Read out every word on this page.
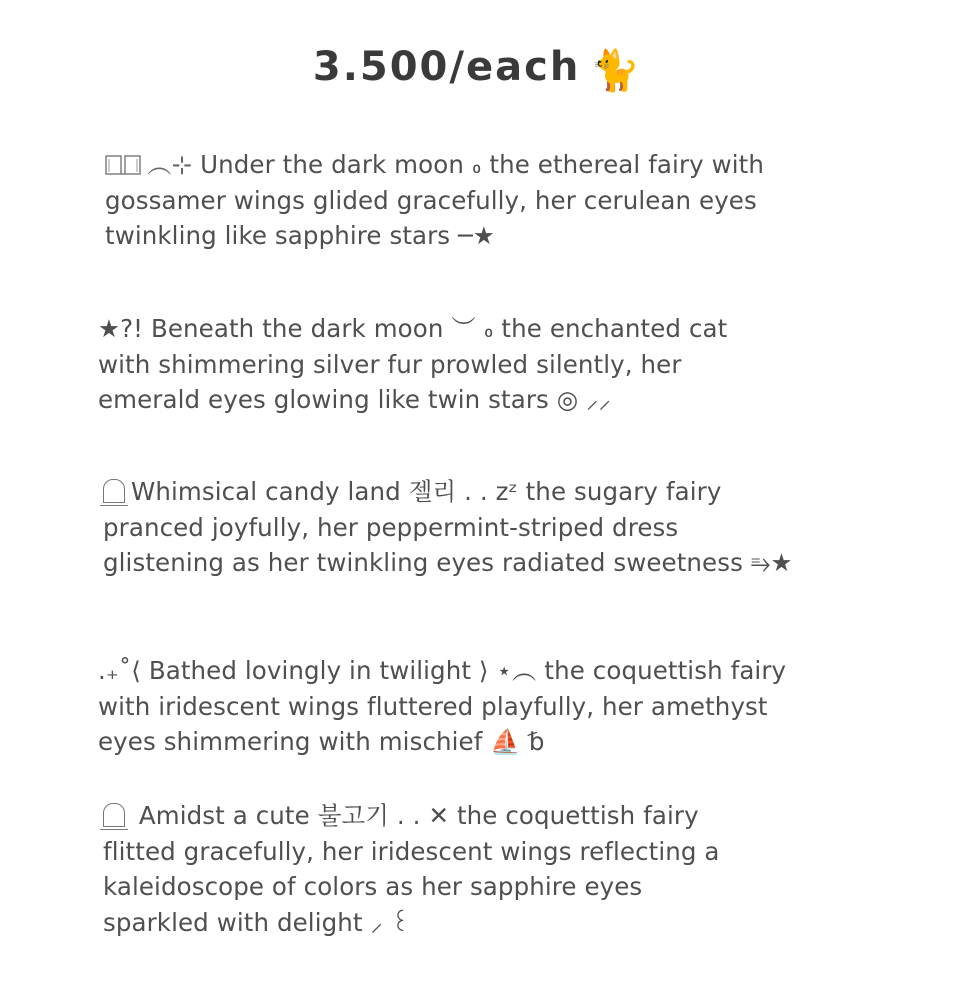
3.500/each 🐈

︵⊹ Under the dark moon ៰ the ethereal fairy with
gossamer wings glided gracefully, her cerulean eyes
twinkling like sapphire stars ─★

★?! Beneath the dark moon ︶ ៰ the enchanted cat
with shimmering silver fur prowled silently, her
emerald eyes glowing like twin stars ◎ ⸝⸝

Whimsical candy land 젤리 . . zᶻ the sugary fairy
pranced joyfully, her peppermint-striped dress
glistening as her twinkling eyes radiated sweetness ⥱★

.₊˚⟨ Bathed lovingly in twilight ⟩ ⋆︵ the coquettish fairy
with iridescent wings fluttered playfully, her amethyst
eyes shimmering with mischief ⛵ ␢

Amidst a cute 불고기 . . ✕ the coquettish fairy
flitted gracefully, her iridescent wings reflecting a
kaleidoscope of colors as her sapphire eyes
sparkled with delight ⸝ ꒰
